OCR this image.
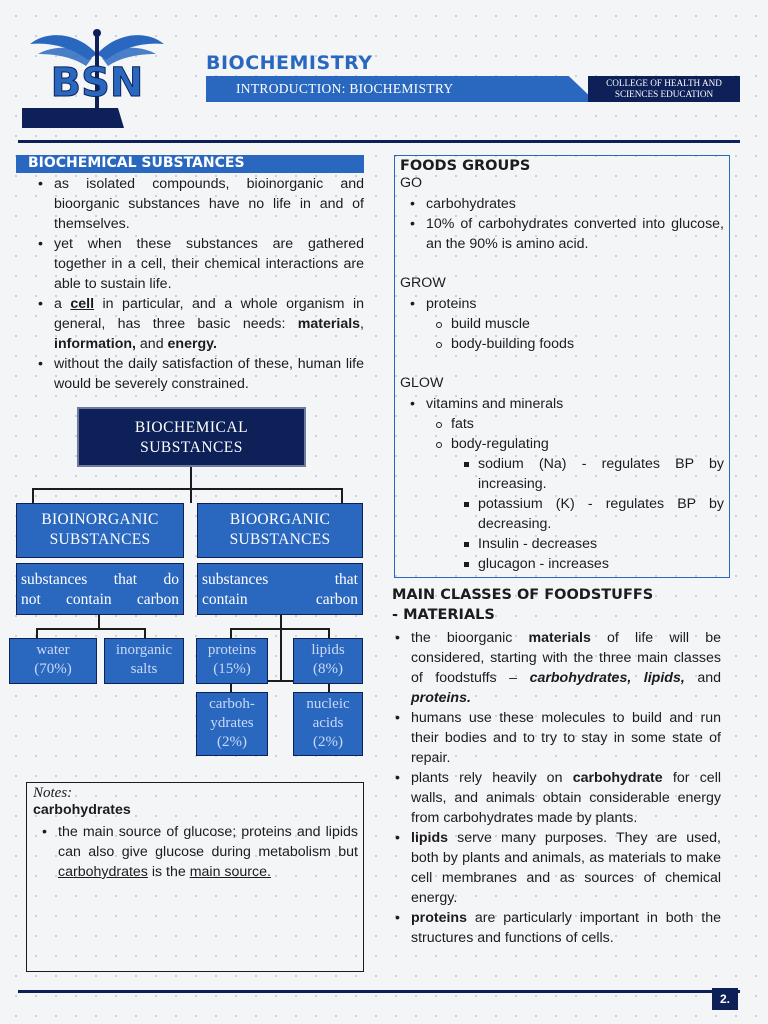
BSN	BIOCHEMISTRY
INTRODUCTION: BIOCHEMISTRY	COLLEGE OF HEALTH AND
SCIENCES EDUCATION
BIOCHEMICAL SUBSTANCES
• as isolated compounds, bioinorganic and bioorganic substances have no life in and of themselves.
• yet when these substances are gathered together in a cell, their chemical interactions are able to sustain life.
• a cell in particular, and a whole organism in general, has three basic needs: materials, information, and energy.
• without the daily satisfaction of these, human life would be severely constrained.
BIOCHEMICAL
SUBSTANCES
BIOINORGANIC
SUBSTANCES
BIOORGANIC
SUBSTANCES
substances that do
not contain carbon
substances that
contain carbon
water
(70%)
inorganic
salts
proteins
(15%)
lipids
(8%)
carboh-
ydrates
(2%)
nucleic
acids
(2%)
Notes:
carbohydrates
• the main source of glucose; proteins and lipids can also give glucose during metabolism but carbohydrates is the main source.
FOODS GROUPS
GO
• carbohydrates
• 10% of carbohydrates converted into glucose, an the 90% is amino acid.
GROW
• proteins
build muscle
body-building foods
GLOW
• vitamins and minerals
fats
body-regulating
sodium (Na) - regulates BP by increasing.
potassium (K) - regulates BP by decreasing.
Insulin - decreases
glucagon - increases
MAIN CLASSES OF FOODSTUFFS
- MATERIALS
• the bioorganic materials of life will be considered, starting with the three main classes of foodstuffs – carbohydrates, lipids, and proteins.
• humans use these molecules to build and run their bodies and to try to stay in some state of repair.
• plants rely heavily on carbohydrate for cell walls, and animals obtain considerable energy from carbohydrates made by plants.
• lipids serve many purposes. They are used, both by plants and animals, as materials to make cell membranes and as sources of chemical energy.
• proteins are particularly important in both the structures and functions of cells.
2.
